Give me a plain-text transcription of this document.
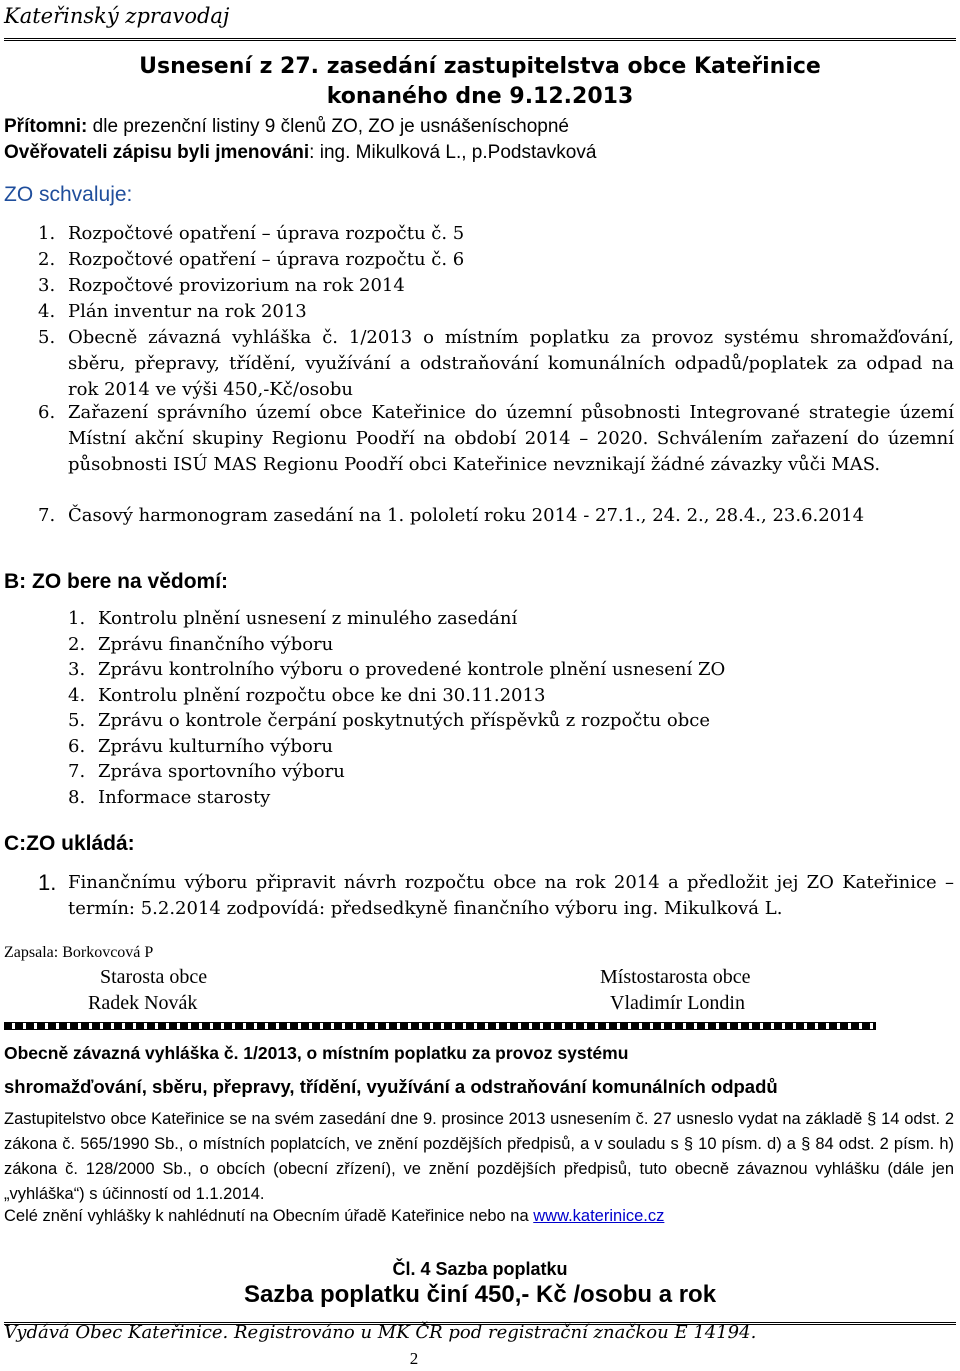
Kateřinský zpravodaj
Usnesení z 27. zasedání zastupitelstva obce Kateřinice
konaného dne 9.12.2013
Přítomni: dle prezenční listiny 9 členů ZO, ZO je usnášeníschopné
Ověřovateli zápisu byli jmenováni: ing. Mikulková L., p.Podstavková
ZO schvaluje:
1. Rozpočtové opatření – úprava rozpočtu č. 5
2. Rozpočtové opatření – úprava rozpočtu č. 6
3. Rozpočtové provizorium na rok 2014
4. Plán inventur na rok 2013
5. Obecně závazná vyhláška č. 1/2013 o místním poplatku za provoz systému shromažďování, sběru, přepravy, třídění, využívání a odstraňování komunálních odpadů/poplatek za odpad na rok 2014 ve výši 450,-Kč/osobu
6. Zařazení správního území obce Kateřinice do územní působnosti Integrované strategie území Místní akční skupiny Regionu Poodří na období 2014 – 2020. Schválením zařazení do územní působnosti ISÚ MAS Regionu Poodří obci Kateřinice nevznikají žádné závazky vůči MAS.
7. Časový harmonogram zasedání na 1. pololetí roku 2014 - 27.1., 24. 2., 28.4., 23.6.2014
B: ZO bere na vědomí:
1. Kontrolu plnění usnesení z minulého zasedání
2. Zprávu finančního výboru
3. Zprávu kontrolního výboru o provedené kontrole plnění usnesení ZO
4. Kontrolu plnění rozpočtu obce ke dni 30.11.2013
5. Zprávu o kontrole čerpání poskytnutých příspěvků z rozpočtu obce
6. Zprávu kulturního výboru
7. Zpráva sportovního výboru
8. Informace starosty
C:ZO ukládá:
1. Finančnímu výboru připravit návrh rozpočtu obce na rok 2014 a předložit jej ZO Kateřinice – termín: 5.2.2014 zodpovídá: předsedkyně finančního výboru ing. Mikulková L.
Zapsala: Borkovcová P
Starosta obce
Radek Novák
Místostarosta obce
Vladimír Londin
Obecně závazná vyhláška č. 1/2013, o místním poplatku za provoz systému
shromažďování, sběru, přepravy, třídění, využívání a odstraňování komunálních odpadů
Zastupitelstvo obce Kateřinice se na svém zasedání dne 9. prosince 2013 usnesením č. 27 usneslo vydat na základě § 14 odst. 2 zákona č. 565/1990 Sb., o místních poplatcích, ve znění pozdějších předpisů, a v souladu s § 10 písm. d) a § 84 odst. 2 písm. h) zákona č. 128/2000 Sb., o obcích (obecní zřízení), ve znění pozdějších předpisů, tuto obecně závaznou vyhlášku (dále jen „vyhláška“) s účinností od 1.1.2014.
Celé znění vyhlášky k nahlédnutí na Obecním úřadě Kateřinice nebo na www.katerinice.cz
Čl. 4 Sazba poplatku
Sazba poplatku činí 450,- Kč /osobu a rok
Vydává Obec Kateřinice. Registrováno u MK ČR pod registrační značkou E 14194.
2
